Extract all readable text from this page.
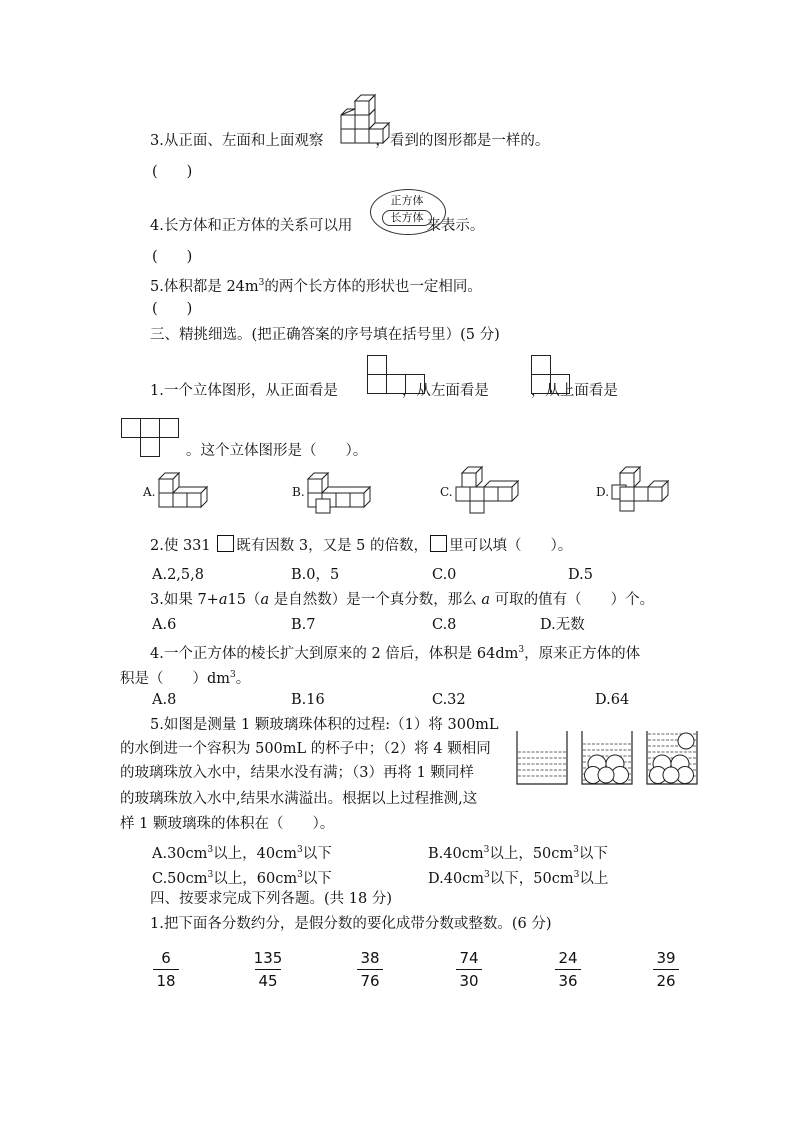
3.从正面、左面和上面观察	，看到的图形都是一样的。
(　　)
4.长方体和正方体的关系可以用	来表示。
正方体
长方体
(　　)
5.体积都是 $24m^3$的两个长方体的形状也一定相同。
(　　)
三、精挑细选。(把正确答案的序号填在括号里）(5 分)
1.一个立体图形，从正面看是	，从左面看是	，从上面看是
。这个立体图形是（　　）。
A.	B.	C.	D.
2.使 331 既有因数 3，又是 5 的倍数， 里可以填（　　）。
A.2,5,8	B.0，5	C.0	D.5
3.如果 7+a15（a 是自然数）是一个真分数，那么 a 可取的值有（　　）个。
A.6	B.7	C.8	D.无数
4.一个正方体的棱长扩大到原来的 2 倍后，体积是 $64dm^3$，原来正方体的体
积是（　　）$dm^3$。
A.8	B.16	C.32	D.64
5.如图是测量 1 颗玻璃珠体积的过程:（1）将 300mL
的水倒进一个容积为 500mL 的杯子中；（2）将 4 颗相同
的玻璃珠放入水中，结果水没有满；（3）再将 1 颗同样
的玻璃珠放入水中,结果水满溢出。根据以上过程推测,这
样 1 颗玻璃珠的体积在（　　）。
$A.30cm^3$以上，$40cm^3$以下	$B.40cm^3$以上，$50cm^3$以下
$C.50cm^3$以上，$60cm^3$以下	$D.40cm^3$以下，$50cm^3$以上
四、按要求完成下列各题。(共 18 分)
1.把下面各分数约分，是假分数的要化成带分数或整数。(6 分)
6
18
135
45
38
76
74
30
24
36
39
26
